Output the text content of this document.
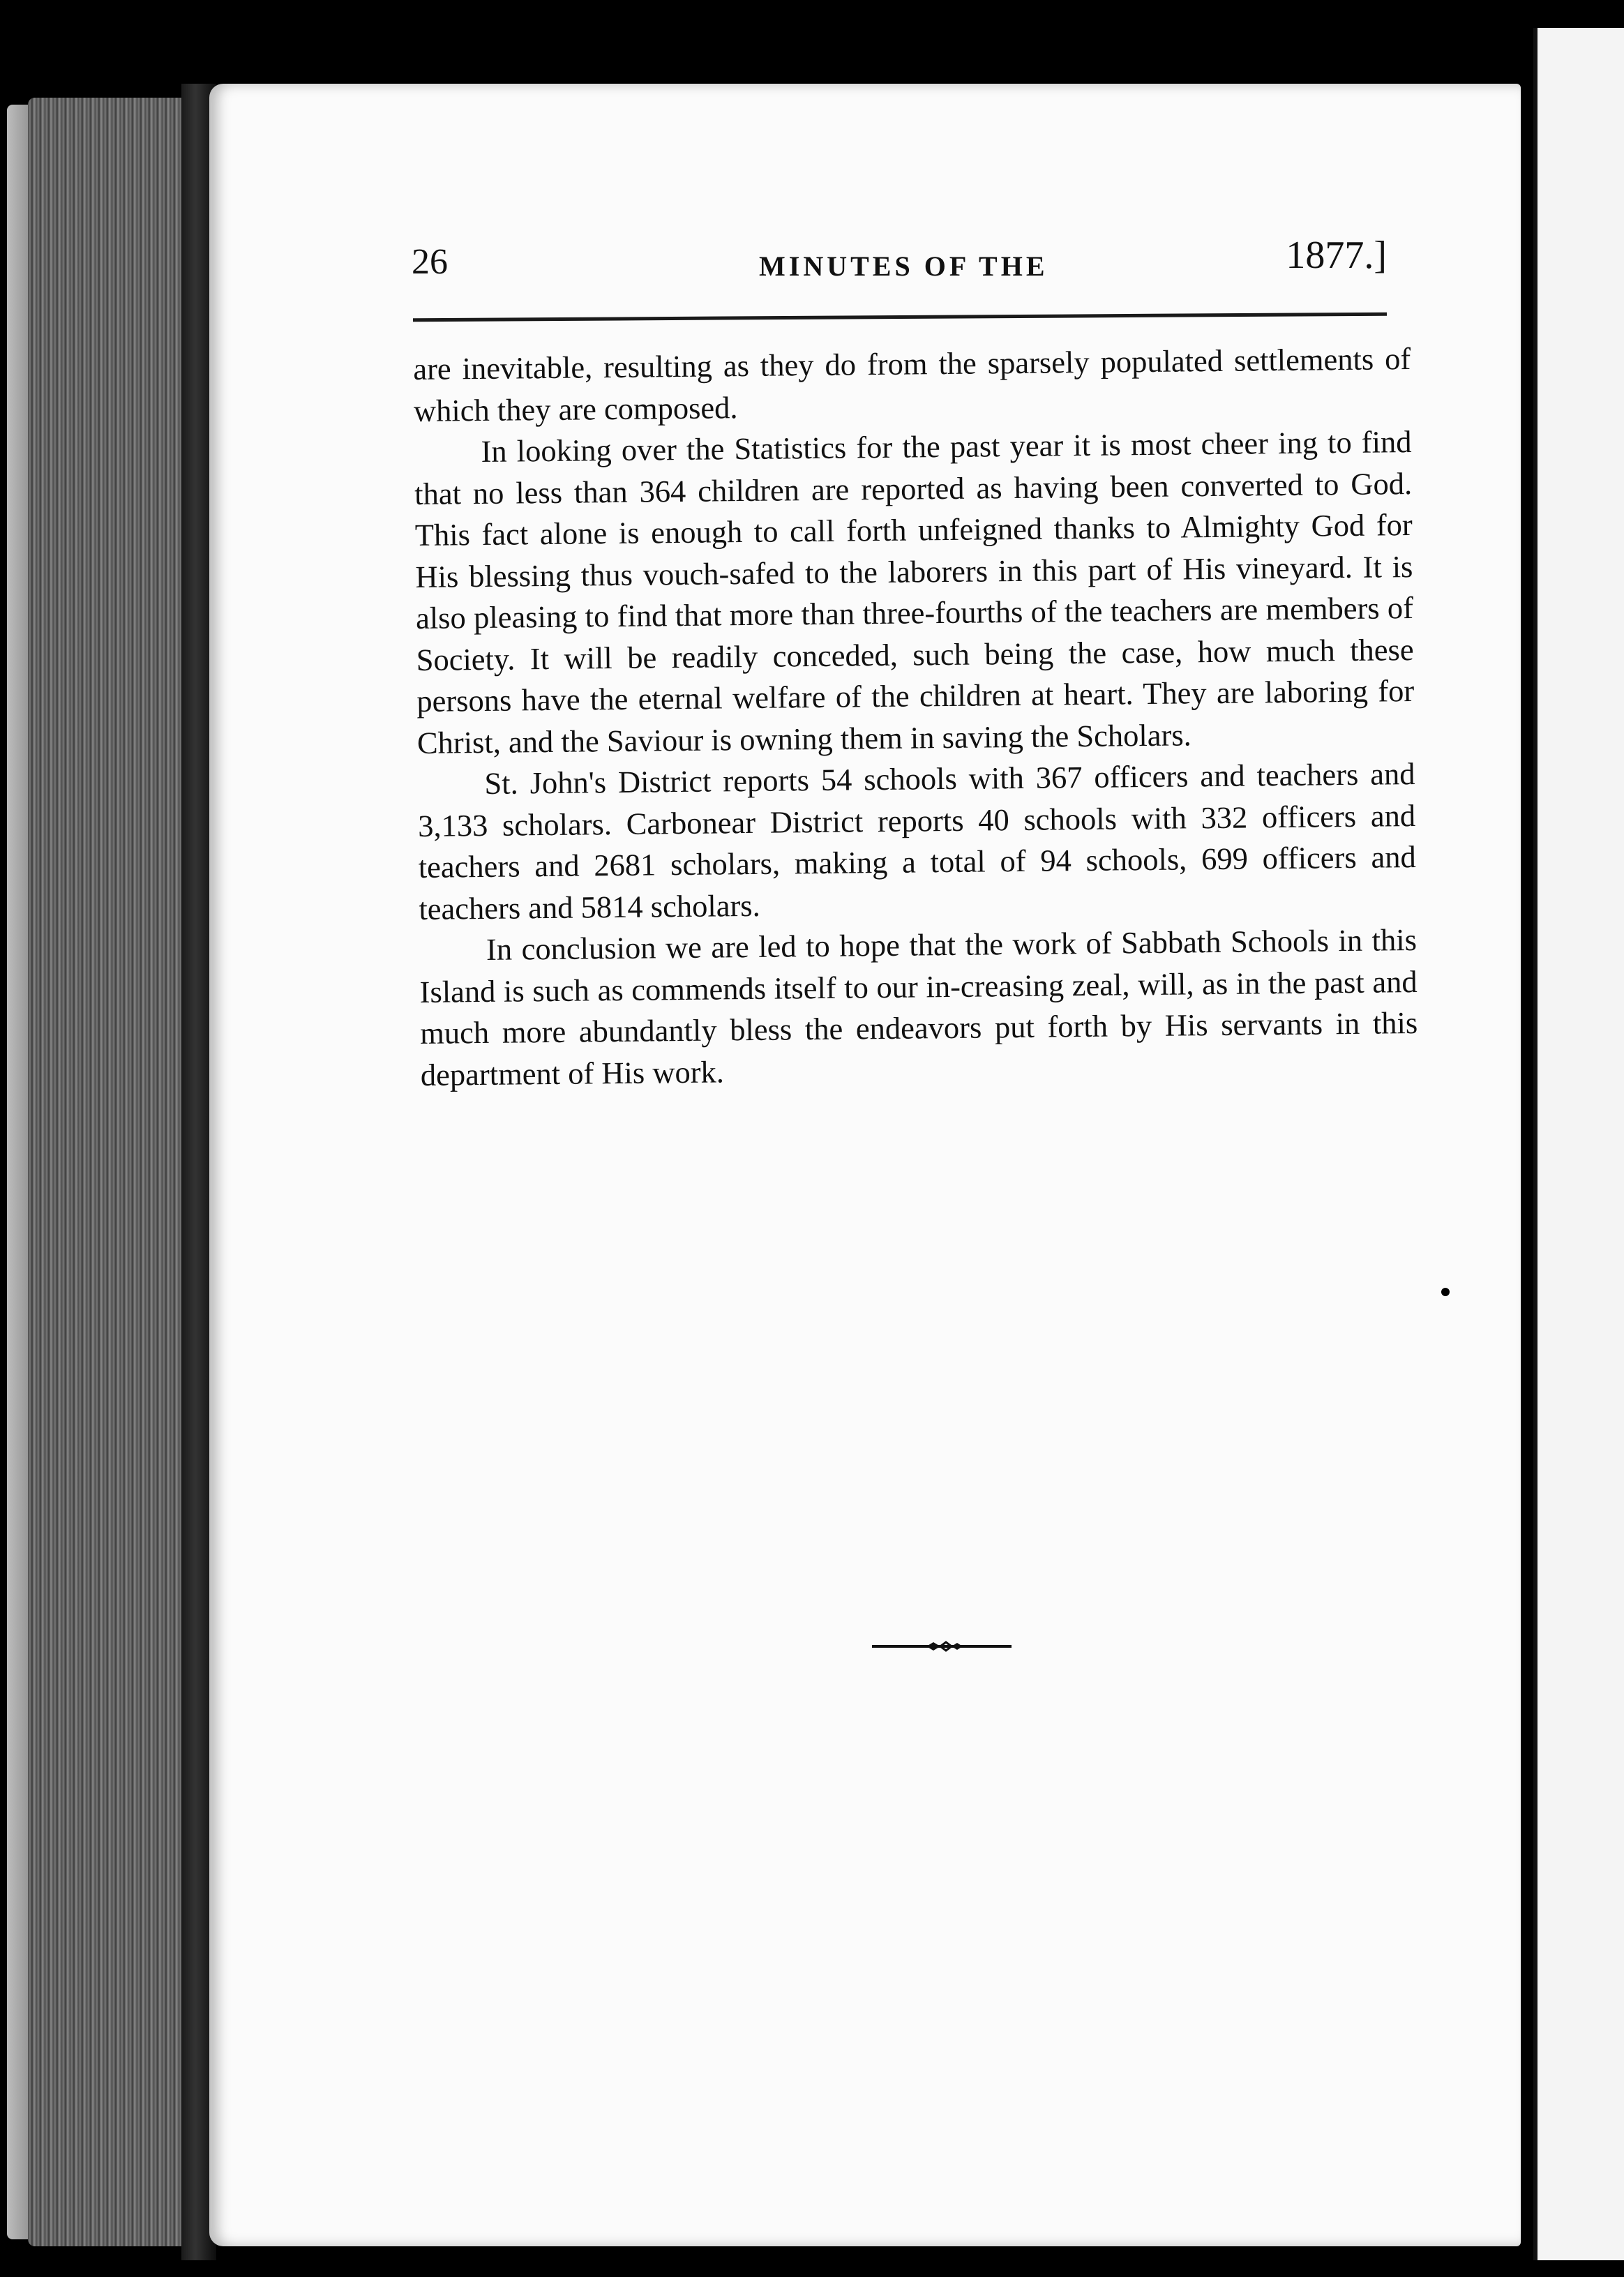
26	MINUTES OF THE	1877.]

are inevitable, resulting as they do from the sparsely populated settlements of which they are composed.

In looking over the Statistics for the past year it is most cheer ing to find that no less than 364 children are reported as having been converted to God. This fact alone is enough to call forth unfeigned thanks to Almighty God for His blessing thus vouch-safed to the laborers in this part of His vineyard. It is also pleasing to find that more than three-fourths of the teachers are members of Society. It will be readily conceded, such being the case, how much these persons have the eternal welfare of the children at heart. They are laboring for Christ, and the Saviour is owning them in saving the Scholars.

St. John's District reports 54 schools with 367 officers and teachers and 3,133 scholars. Carbonear District reports 40 schools with 332 officers and teachers and 2681 scholars, making a total of 94 schools, 699 officers and teachers and 5814 scholars.

In conclusion we are led to hope that the work of Sabbath Schools in this Island is such as commends itself to our in-creasing zeal, will, as in the past and much more abundantly bless the endeavors put forth by His servants in this department of His work.
